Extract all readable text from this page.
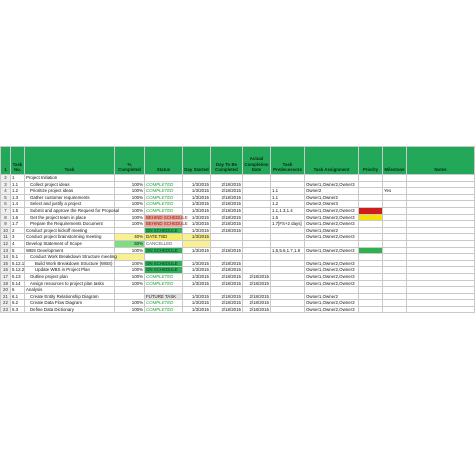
1	Task No.	Task	% Completed	Status	Day Started	Day To Be Completed	Actual Completion Date	Task Predecessors	Task Assignment	Priority	Milestone	Notes
2	1	Project Initiation										
3	1.1	Collect project ideas	100%	COMPLETED	1/3/2015	2/18/2015			Owner1,Owner2,Owner3			
4	1.2	Prioritize project ideas	100%	COMPLETED	1/3/2015	2/18/2015		1.1	Owner2		Yes	
5	1.3	Gather customer requirements	100%	COMPLETED	1/3/2015	2/18/2015		1.1	Owner1,Owner2			
6	1.4	Select and justify a project	100%	COMPLETED	1/3/2015	2/18/2015		1.2	Owner2,Owner3			
7	1.5	Submit and approve the Request for Proposal	100%	COMPLETED	1/3/2015	2/18/2015		1.1,1.3,1.4	Owner1,Owner2,Owner3			
8	1.6	Get the project team in place	100%	BEHIND SCHEDULE	1/3/2015	2/18/2015		1.5	Owner1,Owner2,Owner3			
9	1.7	Prepare the Requirements Document	100%	BEHIND SCHEDULE	1/3/2015	2/18/2015		1.7[FS+2 days]	Owner1,Owner2,Owner3			
10	2	Conduct project kickoff meeting		ON SCHEDULE	1/3/2015	2/18/2015			Owner1,Owner2			
11	3	Conduct project brainstorming meeting	40%	DATE TBD	1/3/2015				Owner1,Owner2,Owner3			
12	4	Develop Statement of Scope	50%	CANCELLED								
13	5	WBS Development	100%	ON SCHEDULE	1/3/2015	2/18/2015		1,5,5.6,1.7,1.8	Owner1,Owner2,Owner3			
14	5.1	Conduct Work Breakdown Structure meeting										
15	5.12.1	Build Work Breakdown Structure (WBS)	100%	ON SCHEDULE	1/3/2015	2/18/2015			Owner1,Owner2,Owner3			
16	5.12.2	Update WBS in Project Plan	100%	ON SCHEDULE	1/3/2015	2/18/2015			Owner1,Owner2,Owner3			
17	5.13	Outline project plan	100%	COMPLETED	1/3/2015	2/18/2015	2/18/2015		Owner1,Owner2,Owner3			
18	5.14	Assign resources to project plan tasks	100%	COMPLETED	1/3/2015	2/18/2015	2/18/2015		Owner1,Owner2,Owner3			
20	6	Analysis										
21	6.1	Create Entity Relationship Diagram		FUTURE TASK	1/3/2015	2/18/2015	2/18/2015		Owner1,Owner2			
22	6.2	Create Data Flow Diagram	100%	COMPLETED	1/3/2015	2/18/2015	2/18/2015		Owner1,Owner2,Owner3			
23	6.3	Define Data Dictionary	100%	COMPLETED	1/3/2015	2/18/2015	2/18/2015		Owner1,Owner2,Owner3			
